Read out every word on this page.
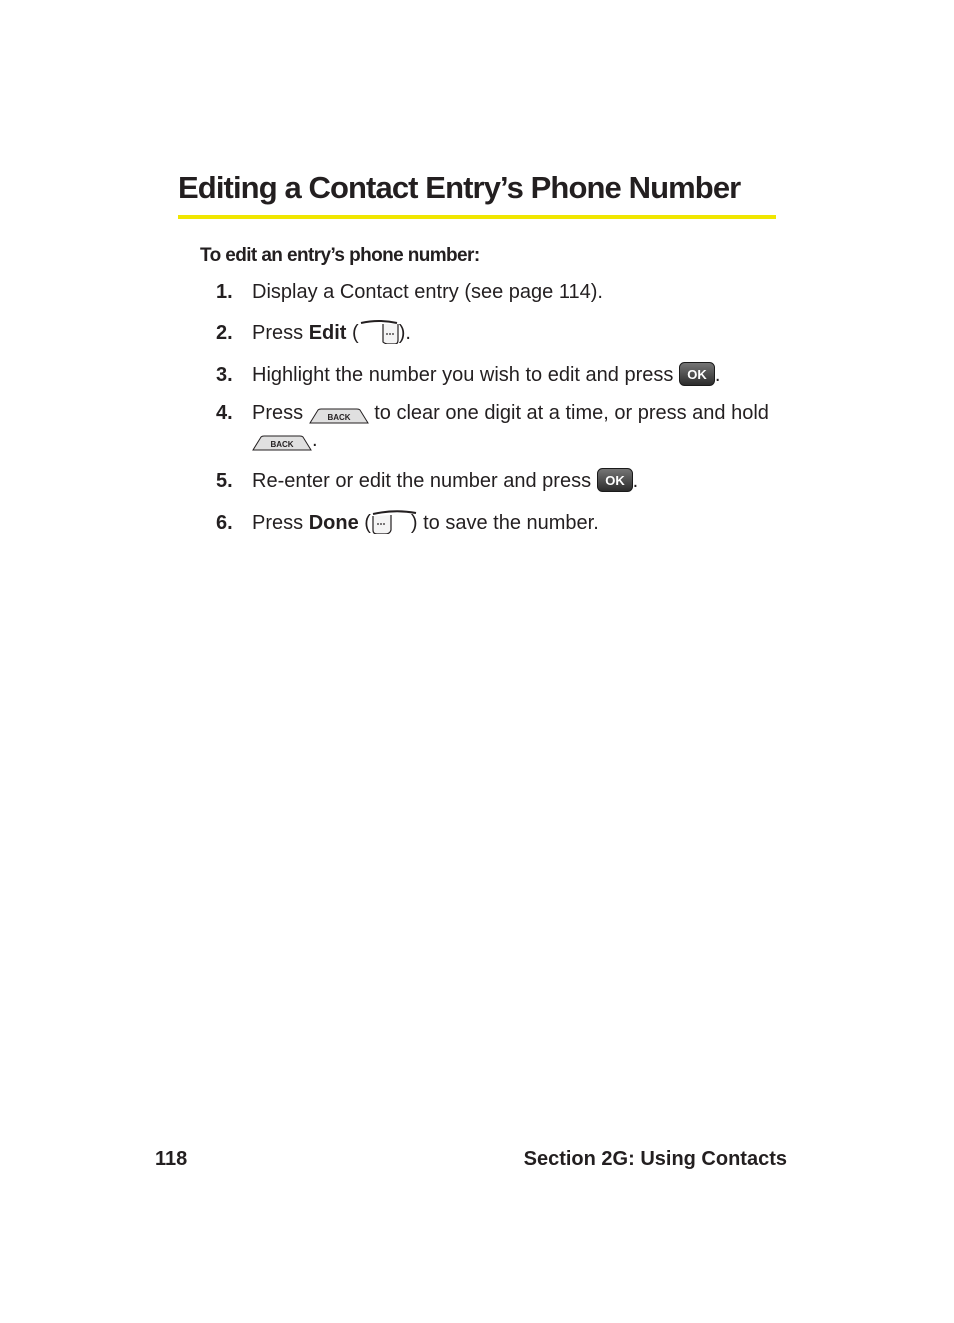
Editing a Contact Entry’s Phone Number

To edit an entry’s phone number:

1. Display a Contact entry (see page 114).
2. Press Edit ( ).
3. Highlight the number you wish to edit and press OK .
4. Press BACK to clear one digit at a time, or press and hold
BACK .
5. Re-enter or edit the number and press OK .
6. Press Done ( ) to save the number.
118	Section 2G: Using Contacts
